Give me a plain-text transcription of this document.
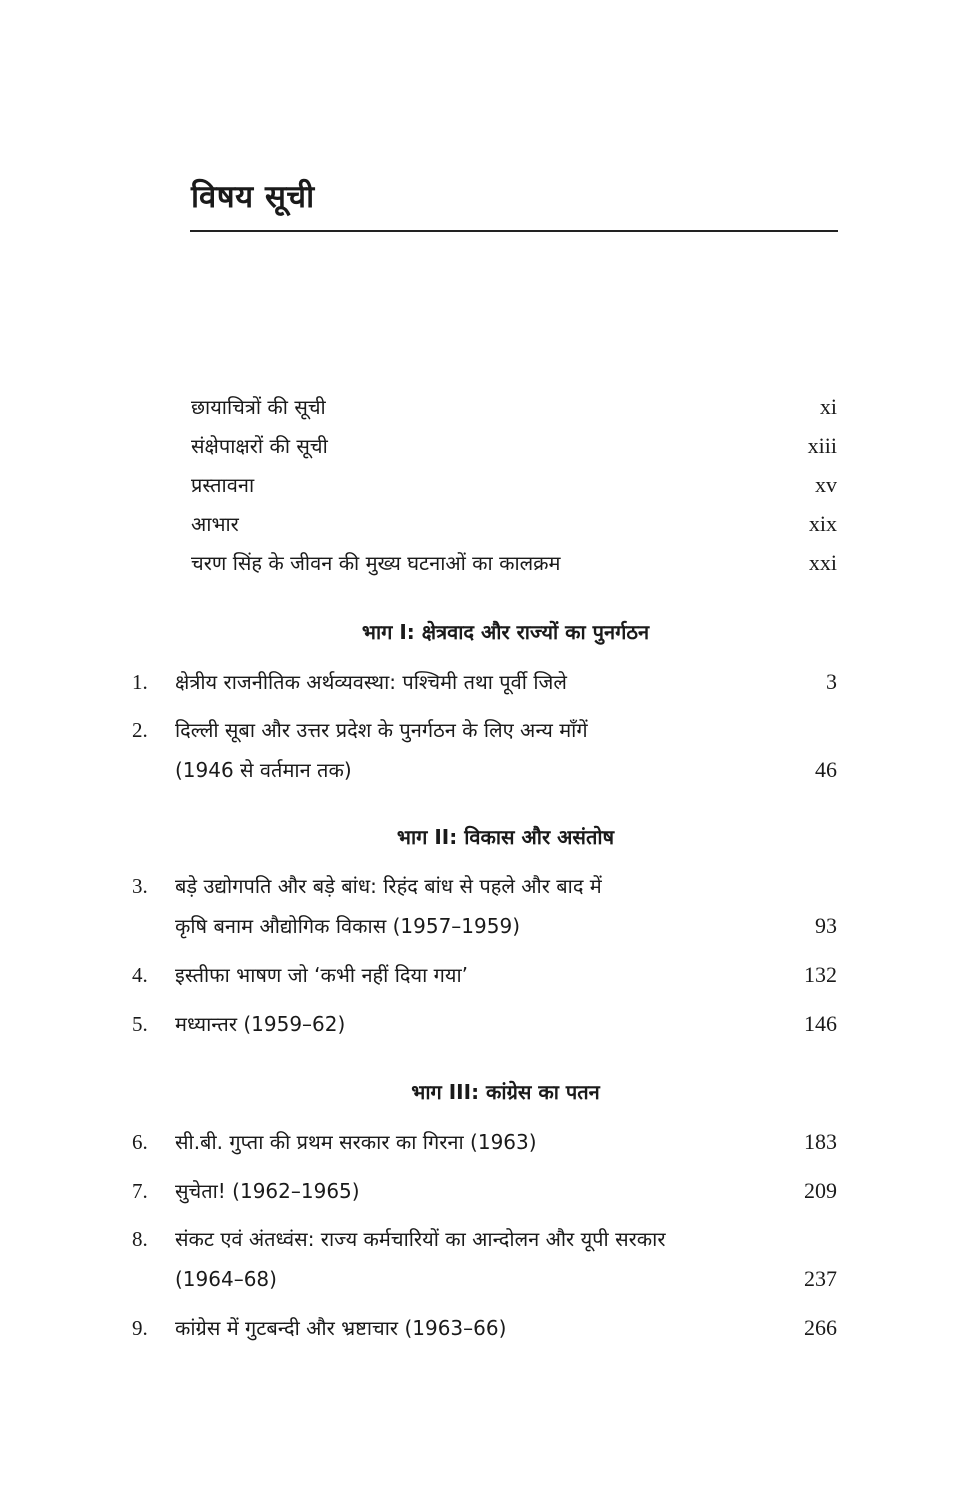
विषय सूची
छायाचित्रों की सूची	xi
संक्षेपाक्षरों की सूची	xiii
प्रस्तावना	xv
आभार	xix
चरण सिंह के जीवन की मुख्य घटनाओं का कालक्रम	xxi
भाग I: क्षेत्रवाद और राज्यों का पुनर्गठन
1. क्षेत्रीय राजनीतिक अर्थव्यवस्था: पश्चिमी तथा पूर्वी जिले	3
2. दिल्ली सूबा और उत्तर प्रदेश के पुनर्गठन के लिए अन्य माँगें
(1946 से वर्तमान तक)	46
भाग II: विकास और असंतोष
3. बड़े उद्योगपति और बड़े बांध: रिहंद बांध से पहले और बाद में
कृषि बनाम औद्योगिक विकास (1957–1959)	93
4. इस्तीफा भाषण जो ‘कभी नहीं दिया गया’	132
5. मध्यान्तर (1959–62)	146
भाग III: कांग्रेस का पतन
6. सी.बी. गुप्ता की प्रथम सरकार का गिरना (1963)	183
7. सुचेता! (1962–1965)	209
8. संकट एवं अंतध्वंस: राज्य कर्मचारियों का आन्दोलन और यूपी सरकार
(1964–68)	237
9. कांग्रेस में गुटबन्दी और भ्रष्टाचार (1963–66)	266
